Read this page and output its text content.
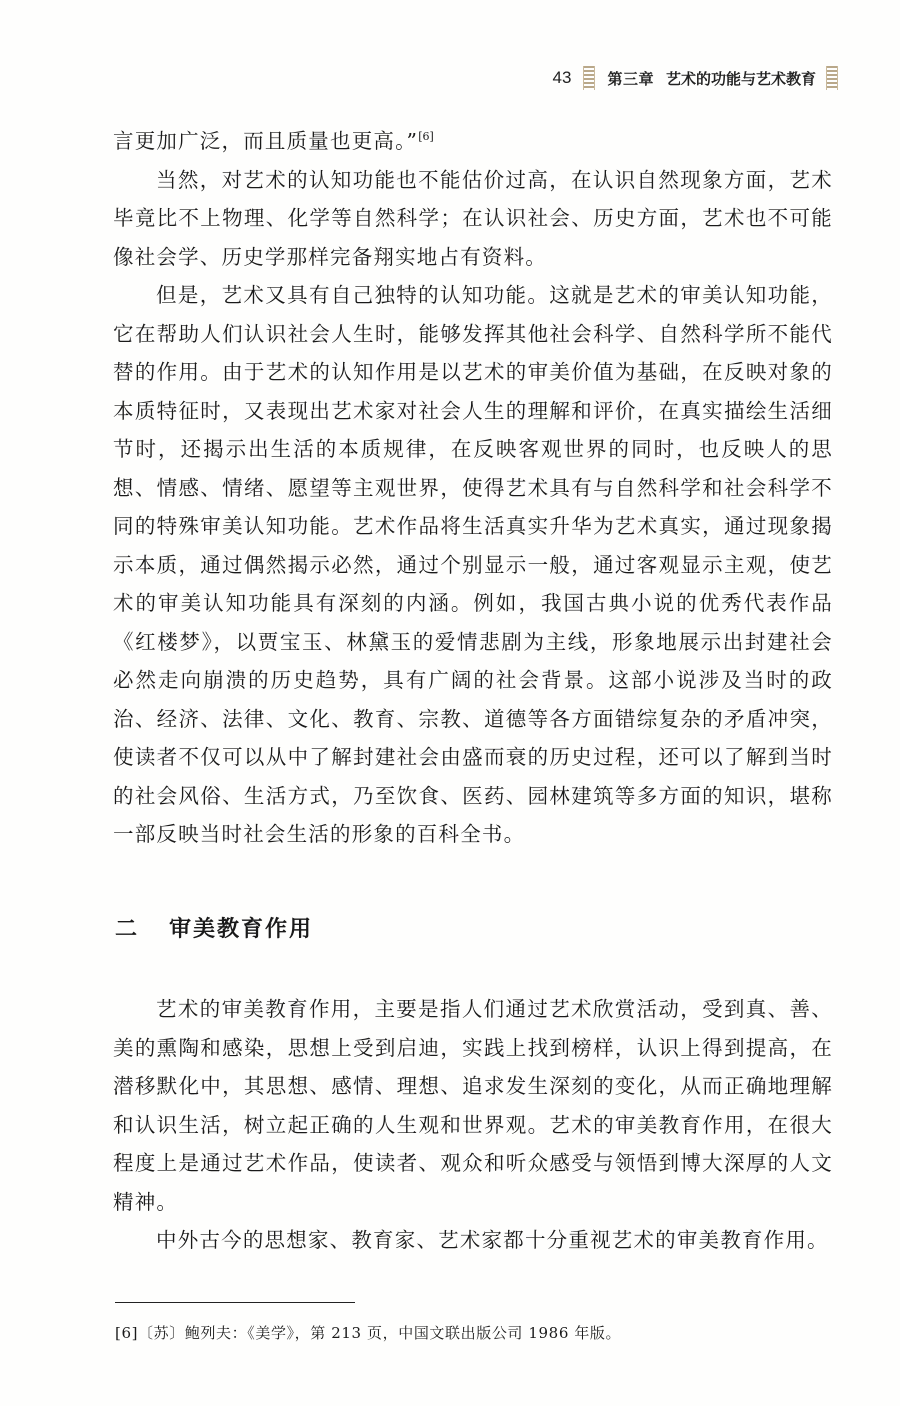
43 第三章 艺术的功能与艺术教育

言更加广泛，而且质量也更高。”[6]

当然，对艺术的认知功能也不能估价过高，在认识自然现象方面，艺术毕竟比不上物理、化学等自然科学；在认识社会、历史方面，艺术也不可能像社会学、历史学那样完备翔实地占有资料。

但是，艺术又具有自己独特的认知功能。这就是艺术的审美认知功能，它在帮助人们认识社会人生时，能够发挥其他社会科学、自然科学所不能代替的作用。由于艺术的认知作用是以艺术的审美价值为基础，在反映对象的本质特征时，又表现出艺术家对社会人生的理解和评价，在真实描绘生活细节时，还揭示出生活的本质规律，在反映客观世界的同时，也反映人的思想、情感、情绪、愿望等主观世界，使得艺术具有与自然科学和社会科学不同的特殊审美认知功能。艺术作品将生活真实升华为艺术真实，通过现象揭示本质，通过偶然揭示必然，通过个别显示一般，通过客观显示主观，使艺术的审美认知功能具有深刻的内涵。例如，我国古典小说的优秀代表作品《红楼梦》，以贾宝玉、林黛玉的爱情悲剧为主线，形象地展示出封建社会必然走向崩溃的历史趋势，具有广阔的社会背景。这部小说涉及当时的政治、经济、法律、文化、教育、宗教、道德等各方面错综复杂的矛盾冲突，使读者不仅可以从中了解封建社会由盛而衰的历史过程，还可以了解到当时的社会风俗、生活方式，乃至饮食、医药、园林建筑等多方面的知识，堪称一部反映当时社会生活的形象的百科全书。

二 审美教育作用

艺术的审美教育作用，主要是指人们通过艺术欣赏活动，受到真、善、美的熏陶和感染，思想上受到启迪，实践上找到榜样，认识上得到提高，在潜移默化中，其思想、感情、理想、追求发生深刻的变化，从而正确地理解和认识生活，树立起正确的人生观和世界观。艺术的审美教育作用，在很大程度上是通过艺术作品，使读者、观众和听众感受与领悟到博大深厚的人文精神。

中外古今的思想家、教育家、艺术家都十分重视艺术的审美教育作用。

[6]〔苏〕鲍列夫：《美学》，第 213 页，中国文联出版公司 1986 年版。
